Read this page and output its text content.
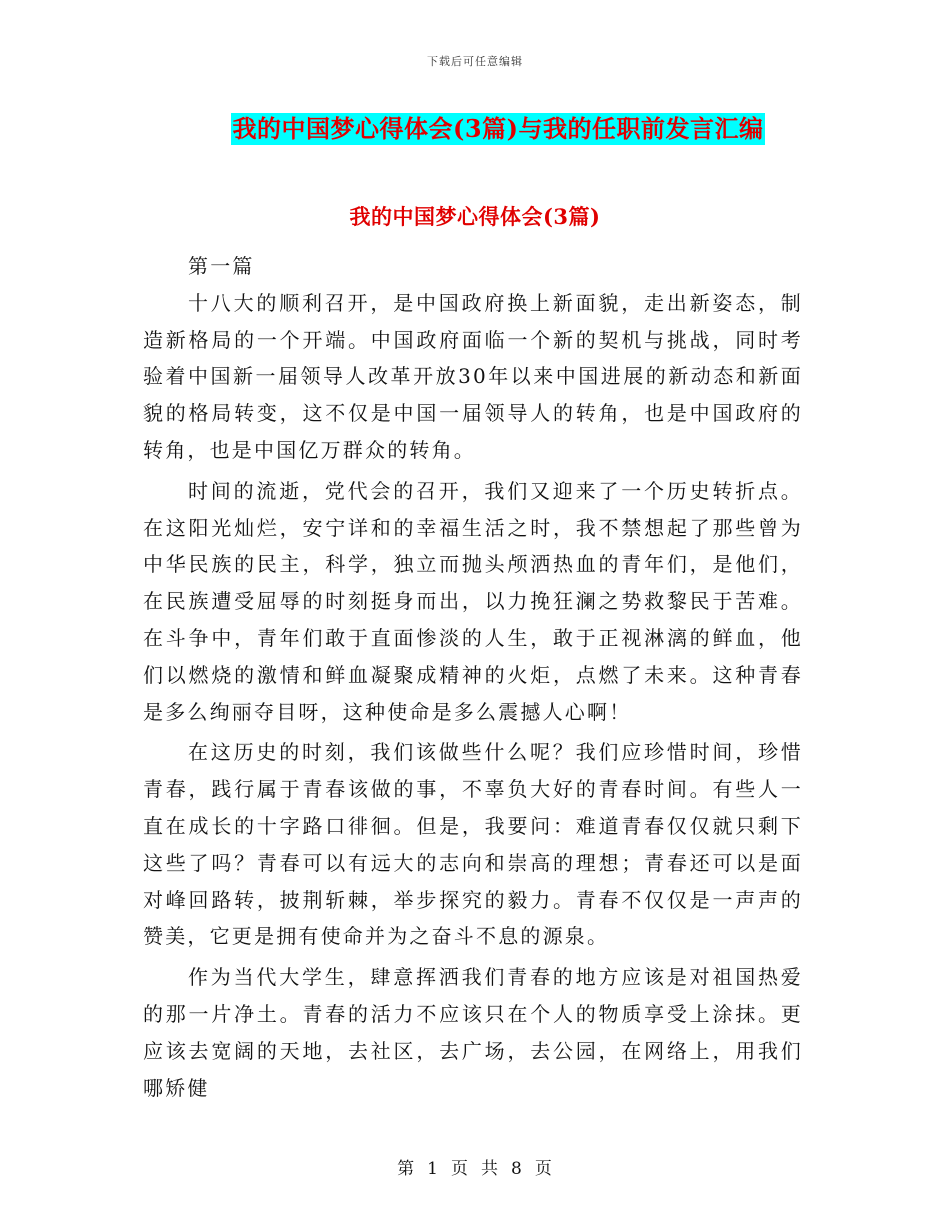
下载后可任意编辑
我的中国梦心得体会(3篇)与我的任职前发言汇编
我的中国梦心得体会(3篇)

第一篇

十八大的顺利召开，是中国政府换上新面貌，走出新姿态，制造新格局的一个开端。中国政府面临一个新的契机与挑战，同时考验着中国新一届领导人改革开放30年以来中国进展的新动态和新面貌的格局转变，这不仅是中国一届领导人的转角，也是中国政府的转角，也是中国亿万群众的转角。

时间的流逝，党代会的召开，我们又迎来了一个历史转折点。在这阳光灿烂，安宁详和的幸福生活之时，我不禁想起了那些曾为中华民族的民主，科学，独立而抛头颅洒热血的青年们，是他们，在民族遭受屈辱的时刻挺身而出，以力挽狂澜之势救黎民于苦难。在斗争中，青年们敢于直面惨淡的人生，敢于正视淋漓的鲜血，他们以燃烧的激情和鲜血凝聚成精神的火炬，点燃了未来。这种青春是多么绚丽夺目呀，这种使命是多么震撼人心啊！

在这历史的时刻，我们该做些什么呢？我们应珍惜时间，珍惜青春，践行属于青春该做的事，不辜负大好的青春时间。有些人一直在成长的十字路口徘徊。但是，我要问：难道青春仅仅就只剩下这些了吗？青春可以有远大的志向和崇高的理想；青春还可以是面对峰回路转，披荆斩棘，举步探究的毅力。青春不仅仅是一声声的赞美，它更是拥有使命并为之奋斗不息的源泉。

作为当代大学生，肆意挥洒我们青春的地方应该是对祖国热爱的那一片净土。青春的活力不应该只在个人的物质享受上涂抹。更应该去宽阔的天地，去社区，去广场，去公园，在网络上，用我们哪矫健

第 1 页 共 8 页
